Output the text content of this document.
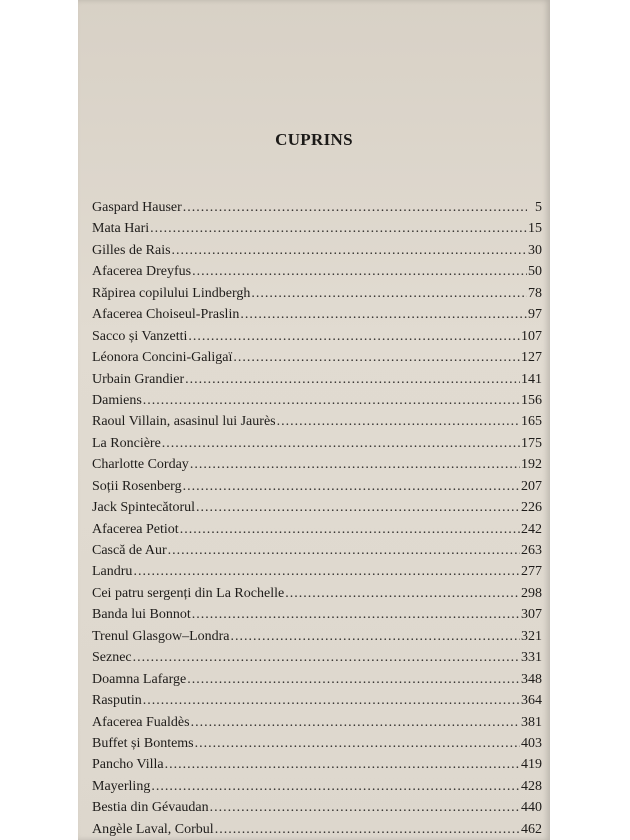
CUPRINS
Gaspard Hauser .....	5
Mata Hari .....	15
Gilles de Rais .....	30
Afacerea Dreyfus .....	50
Răpirea copilului Lindbergh .....	78
Afacerea Choiseul-Praslin .....	97
Sacco și Vanzetti .....	107
Léonora Concini-Galigaï .....	127
Urbain Grandier .....	141
Damiens .....	156
Raoul Villain, asasinul lui Jaurès .....	165
La Roncière .....	175
Charlotte Corday .....	192
Soții Rosenberg .....	207
Jack Spintecătorul .....	226
Afacerea Petiot .....	242
Cască de Aur .....	263
Landru .....	277
Cei patru sergenți din La Rochelle .....	298
Banda lui Bonnot .....	307
Trenul Glasgow–Londra .....	321
Seznec .....	331
Doamna Lafarge .....	348
Rasputin .....	364
Afacerea Fualdès .....	381
Buffet și Bontems .....	403
Pancho Villa .....	419
Mayerling .....	428
Bestia din Gévaudan .....	440
Angèle Laval, Corbul .....	462
